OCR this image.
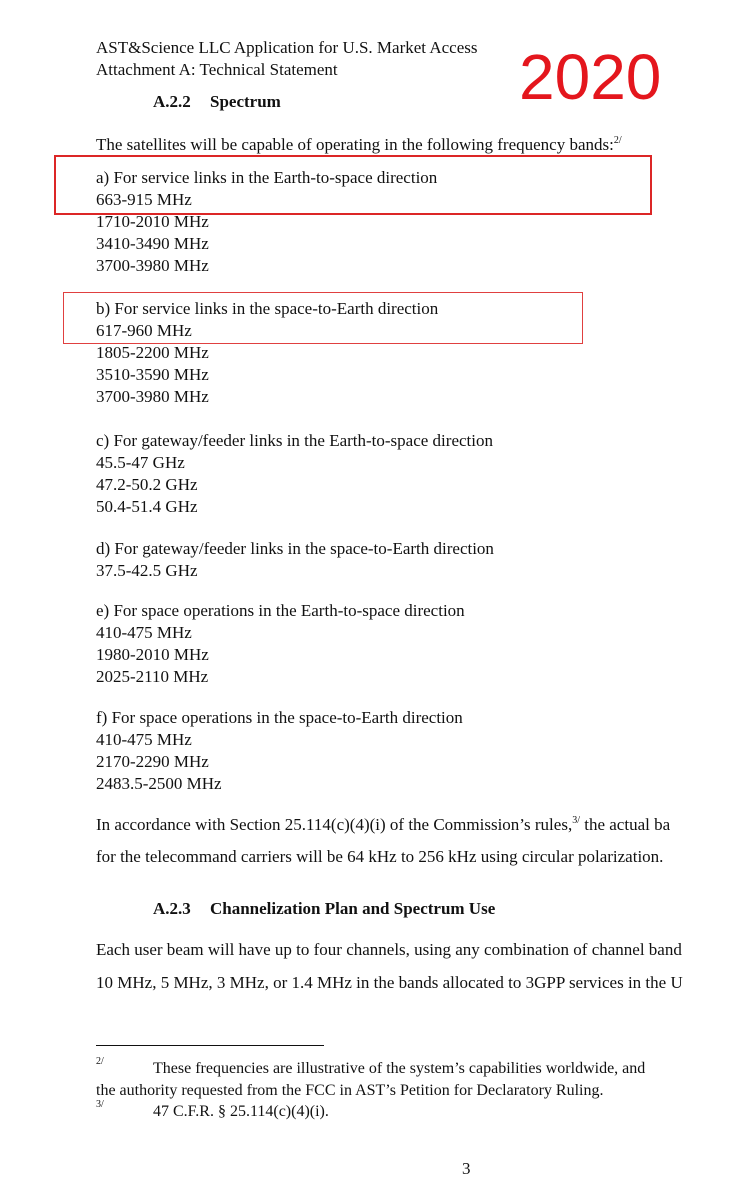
AST&Science LLC Application for U.S. Market Access
Attachment A: Technical Statement	2020
A.2.2 Spectrum
The satellites will be capable of operating in the following frequency bands:$^{2/}$
a) For service links in the Earth-to-space direction
663-915 MHz
1710-2010 MHz
3410-3490 MHz
3700-3980 MHz
b) For service links in the space-to-Earth direction
617-960 MHz
1805-2200 MHz
3510-3590 MHz
3700-3980 MHz
c) For gateway/feeder links in the Earth-to-space direction
45.5-47 GHz
47.2-50.2 GHz
50.4-51.4 GHz
d) For gateway/feeder links in the space-to-Earth direction
37.5-42.5 GHz
e) For space operations in the Earth-to-space direction
410-475 MHz
1980-2010 MHz
2025-2110 MHz
f) For space operations in the space-to-Earth direction
410-475 MHz
2170-2290 MHz
2483.5-2500 MHz
In accordance with Section 25.114(c)(4)(i) of the Commission’s rules,$^{3/}$ the actual ba
for the telecommand carriers will be 64 kHz to 256 kHz using circular polarization.
A.2.3 Channelization Plan and Spectrum Use
Each user beam will have up to four channels, using any combination of channel band
10 MHz, 5 MHz, 3 MHz, or 1.4 MHz in the bands allocated to 3GPP services in the U
2/	These frequencies are illustrative of the system’s capabilities worldwide, and
the authority requested from the FCC in AST’s Petition for Declaratory Ruling.
3/	47 C.F.R. § 25.114(c)(4)(i).
3
